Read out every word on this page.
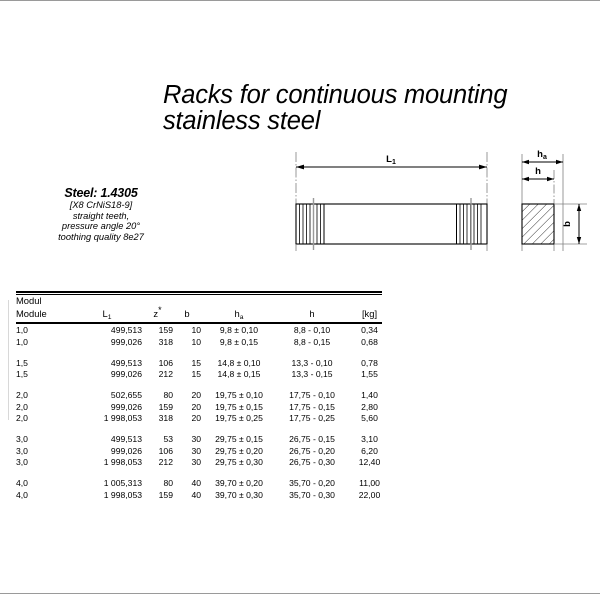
Racks for continuous mounting
stainless steel
Steel: 1.4305
[X8 CrNiS18-9]
straight teeth,
pressure angle 20°
toothing quality 8e27
$L_1$
$h_a$
h
b
Modul						
Module	$L_1$	z*	b	$h_a$	h	[kg]
1,0	499,513	159	10	9,8 ± 0,10	8,8 - 0,10	0,34
1,0	999,026	318	10	9,8 ± 0,15	8,8 - 0,15	0,68

1,5	499,513	106	15	14,8 ± 0,10	13,3 - 0,10	0,78
1,5	999,026	212	15	14,8 ± 0,15	13,3 - 0,15	1,55

2,0	502,655	80	20	19,75 ± 0,10	17,75 - 0,10	1,40
2,0	999,026	159	20	19,75 ± 0,15	17,75 - 0,15	2,80
2,0	1 998,053	318	20	19,75 ± 0,25	17,75 - 0,25	5,60

3,0	499,513	53	30	29,75 ± 0,15	26,75 - 0,15	3,10
3,0	999,026	106	30	29,75 ± 0,20	26,75 - 0,20	6,20
3,0	1 998,053	212	30	29,75 ± 0,30	26,75 - 0,30	12,40

4,0	1 005,313	80	40	39,70 ± 0,20	35,70 - 0,20	11,00
4,0	1 998,053	159	40	39,70 ± 0,30	35,70 - 0,30	22,00
